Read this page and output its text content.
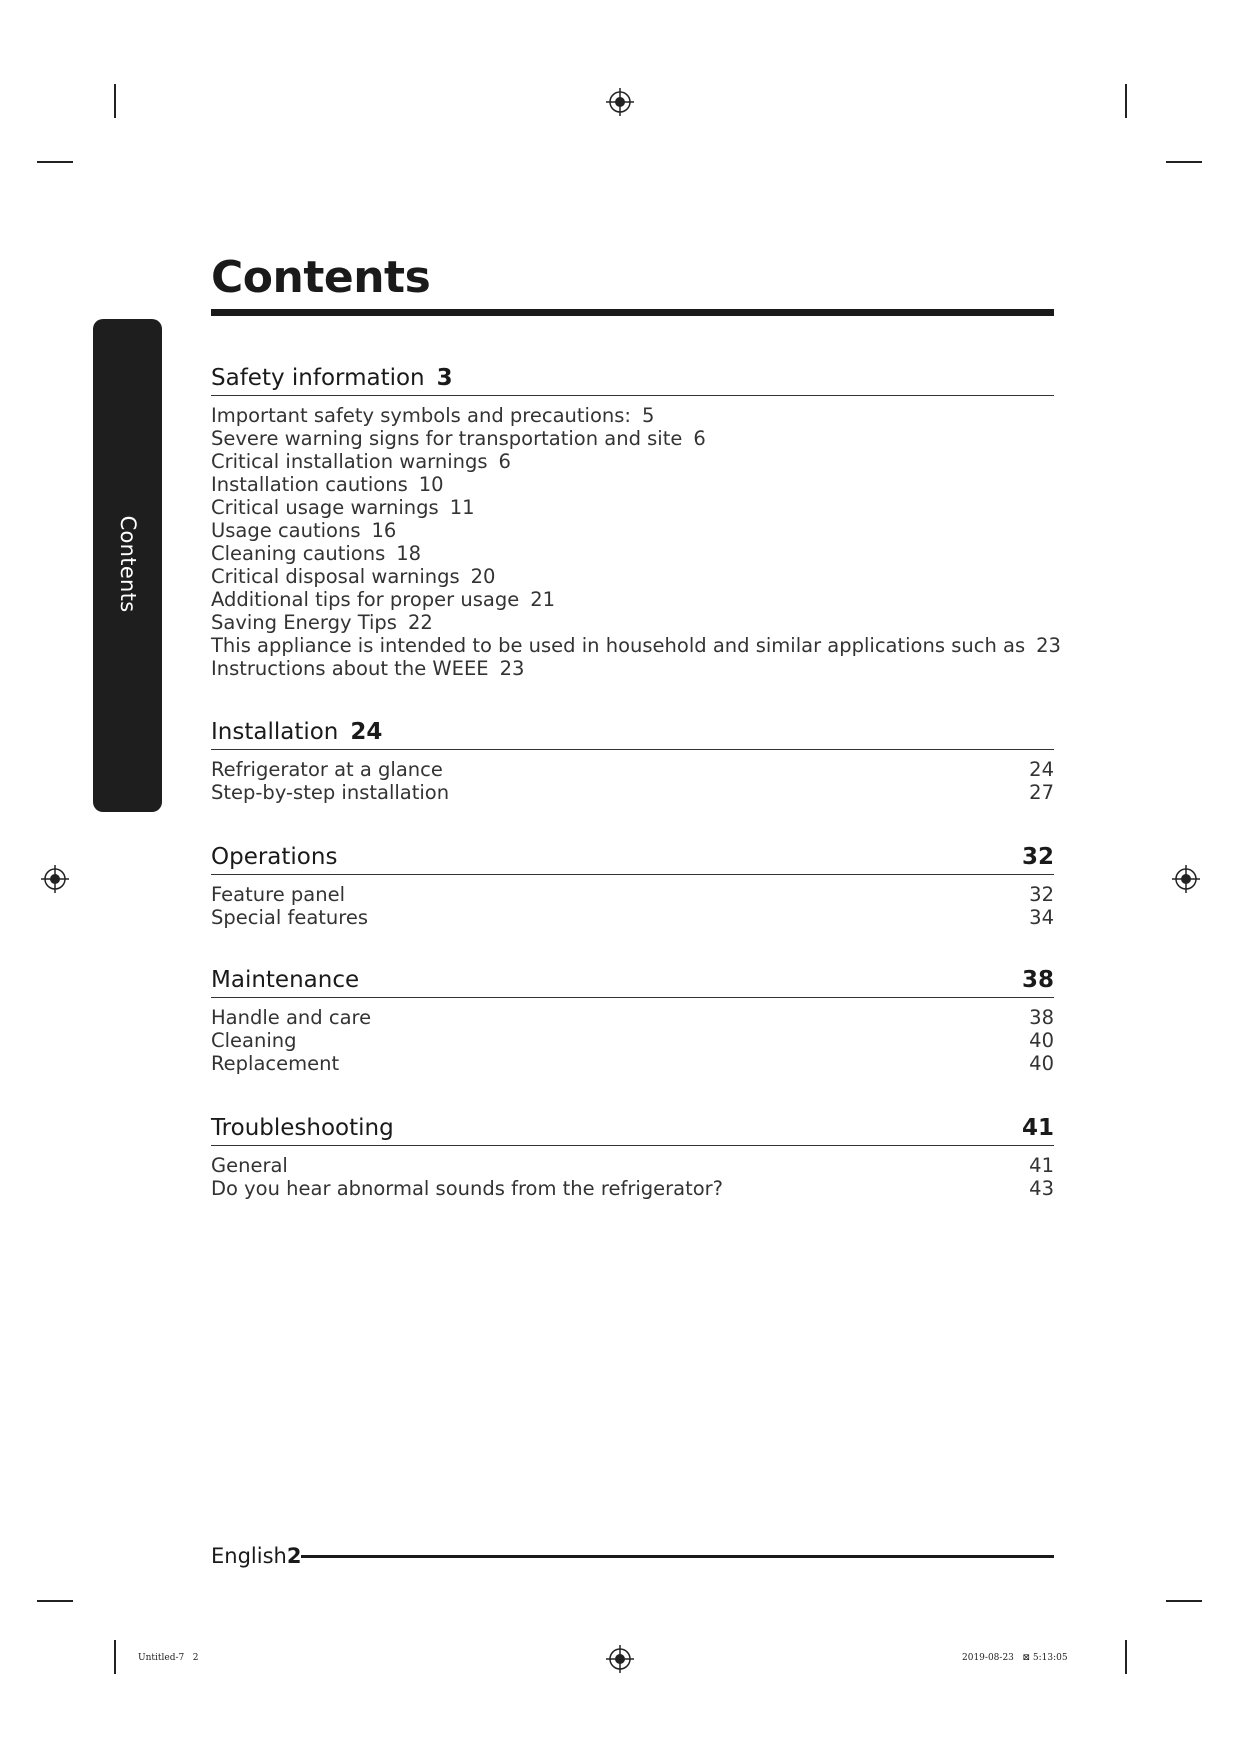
Contents
Contents
Safety information 3
Important safety symbols and precautions: 5
Severe warning signs for transportation and site 6
Critical installation warnings 6
Installation cautions 10
Critical usage warnings 11
Usage cautions 16
Cleaning cautions 18
Critical disposal warnings 20
Additional tips for proper usage 21
Saving Energy Tips 22
This appliance is intended to be used in household and similar applications such as 23
Instructions about the WEEE 23
Installation 24
Refrigerator at a glance	24
Step-by-step installation	27
Operations	32
Feature panel	32
Special features	34
Maintenance	38
Handle and care	38
Cleaning	40
Replacement	40
Troubleshooting	41
General	41
Do you hear abnormal sounds from the refrigerator?	43
English2
Untitled-7   2	2019-08-23   ⊠ 5:13:05
